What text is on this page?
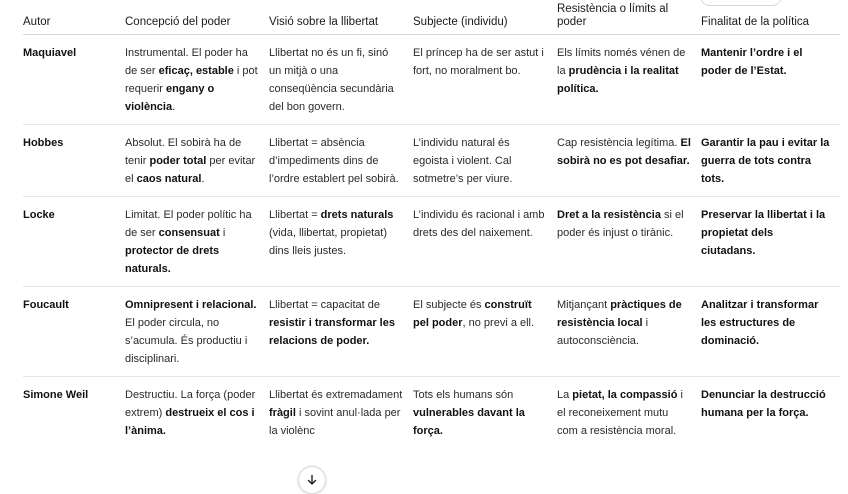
Autor	Concepció del poder	Visió sobre la llibertat	Subjecte (individu)	Resistència o límits al poder	Finalitat de la política
Maquiavel	Instrumental. El poder ha de ser eficaç, estable i pot requerir engany o violència.	Llibertat no és un fi, sinó un mitjà o una conseqüència secundària del bon govern.	El príncep ha de ser astut i fort, no moralment bo.	Els límits només vénen de la prudència i la realitat política.	Mantenir l’ordre i el poder de l’Estat.
Hobbes	Absolut. El sobirà ha de tenir poder total per evitar el caos natural.	Llibertat = absència d’impediments dins de l’ordre establert pel sobirà.	L’individu natural és egoista i violent. Cal sotmetre’s per viure.	Cap resistència legítima. El sobirà no es pot desafiar.	Garantir la pau i evitar la guerra de tots contra tots.
Locke	Limitat. El poder polític ha de ser consensuat i protector de drets naturals.	Llibertat = drets naturals (vida, llibertat, propietat) dins lleis justes.	L’individu és racional i amb drets des del naixement.	Dret a la resistència si el poder és injust o tirànic.	Preservar la llibertat i la propietat dels ciutadans.
Foucault	Omnipresent i relacional. El poder circula, no s’acumula. És productiu i disciplinari.	Llibertat = capacitat de resistir i transformar les relacions de poder.	El subjecte és construït pel poder, no previ a ell.	Mitjançant pràctiques de resistència local i autoconsciència.	Analitzar i transformar les estructures de dominació.
Simone Weil	Destructiu. La força (poder extrem) destrueix el cos i l’ànima.	Llibertat és extremadament fràgil i sovint anul·lada per la violènc	Tots els humans són vulnerables davant la força.	La pietat, la compassió i el reconeixement mutu com a resistència moral.	Denunciar la destrucció humana per la força.
